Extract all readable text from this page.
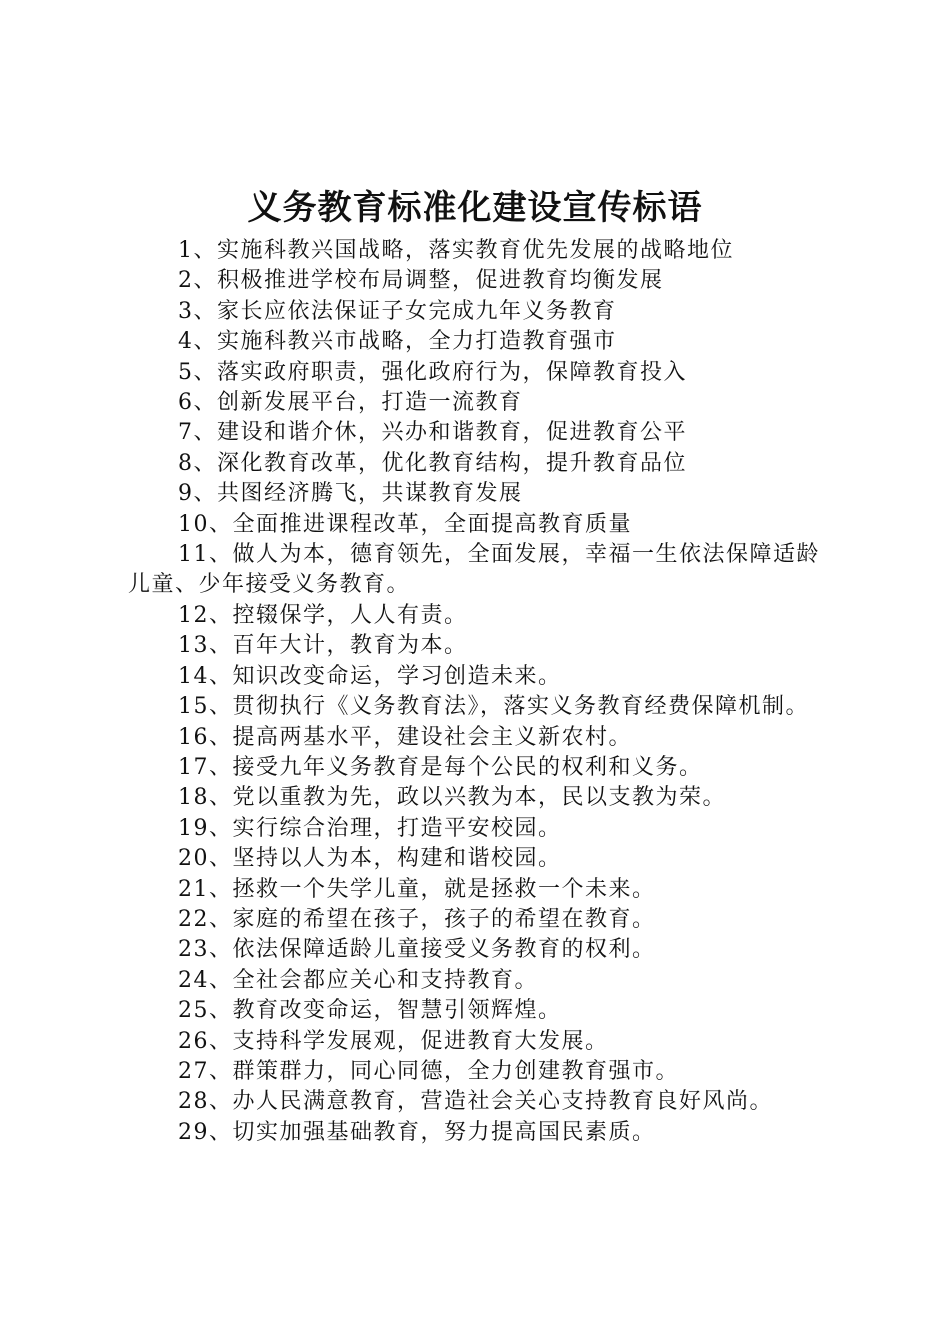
义务教育标准化建设宣传标语
1、实施科教兴国战略，落实教育优先发展的战略地位
2、积极推进学校布局调整，促进教育均衡发展
3、家长应依法保证子女完成九年义务教育
4、实施科教兴市战略，全力打造教育强市
5、落实政府职责，强化政府行为，保障教育投入
6、创新发展平台，打造一流教育
7、建设和谐介休，兴办和谐教育，促进教育公平
8、深化教育改革，优化教育结构，提升教育品位
9、共图经济腾飞，共谋教育发展
10、全面推进课程改革，全面提高教育质量
11、做人为本，德育领先，全面发展，幸福一生依法保障适龄儿童、少年接受义务教育。
12、控辍保学，人人有责。
13、百年大计，教育为本。
14、知识改变命运，学习创造未来。
15、贯彻执行《义务教育法》，落实义务教育经费保障机制。
16、提高两基水平，建设社会主义新农村。
17、接受九年义务教育是每个公民的权利和义务。
18、党以重教为先，政以兴教为本，民以支教为荣。
19、实行综合治理，打造平安校园。
20、坚持以人为本，构建和谐校园。
21、拯救一个失学儿童，就是拯救一个未来。
22、家庭的希望在孩子，孩子的希望在教育。
23、依法保障适龄儿童接受义务教育的权利。
24、全社会都应关心和支持教育。
25、教育改变命运，智慧引领辉煌。
26、支持科学发展观，促进教育大发展。
27、群策群力，同心同德，全力创建教育强市。
28、办人民满意教育，营造社会关心支持教育良好风尚。
29、切实加强基础教育，努力提高国民素质。
